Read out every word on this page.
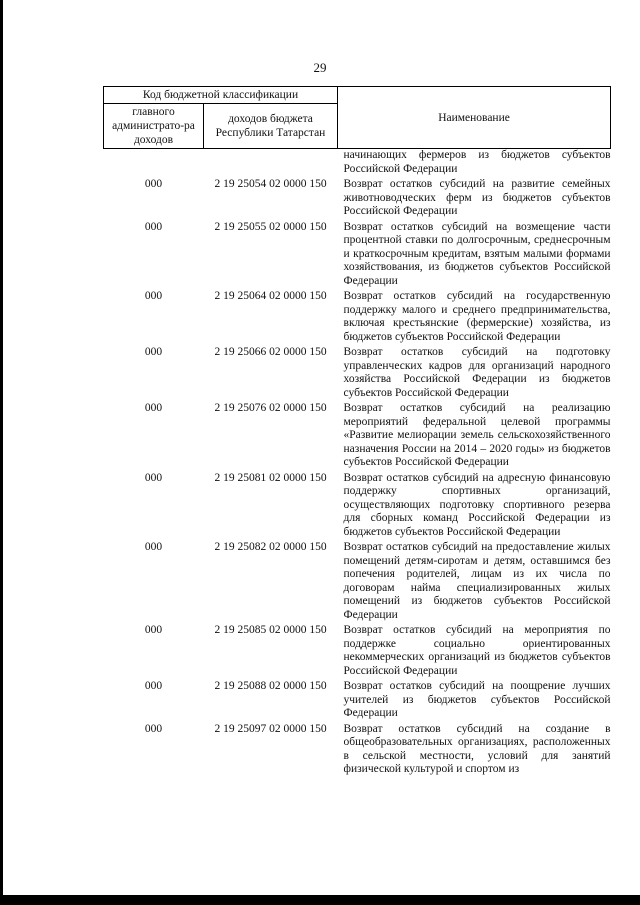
29
Код бюджетной классификации		Наименование
главного администрато-ра доходов	доходов бюджета Республики Татарстан	
		начинающих фермеров из бюджетов субъектов Российской Федерации
000	2 19 25054 02 0000 150	Возврат остатков субсидий на развитие семейных животноводческих ферм из бюджетов субъектов Российской Федерации
000	2 19 25055 02 0000 150	Возврат остатков субсидий на возмещение части процентной ставки по долгосрочным, среднесрочным и краткосрочным кредитам, взятым малыми формами хозяйствования, из бюджетов субъектов Российской Федерации
000	2 19 25064 02 0000 150	Возврат остатков субсидий на государственную поддержку малого и среднего предпринимательства, включая крестьянские (фермерские) хозяйства, из бюджетов субъектов Российской Федерации
000	2 19 25066 02 0000 150	Возврат остатков субсидий на подготовку управленческих кадров для организаций народного хозяйства Российской Федерации из бюджетов субъектов Российской Федерации
000	2 19 25076 02 0000 150	Возврат остатков субсидий на реализацию мероприятий федеральной целевой программы «Развитие мелиорации земель сельскохозяйственного назначения России на 2014 – 2020 годы» из бюджетов субъектов Российской Федерации
000	2 19 25081 02 0000 150	Возврат остатков субсидий на адресную финансовую поддержку спортивных организаций, осуществляющих подготовку спортивного резерва для сборных команд Российской Федерации из бюджетов субъектов Российской Федерации
000	2 19 25082 02 0000 150	Возврат остатков субсидий на предоставление жилых помещений детям-сиротам и детям, оставшимся без попечения родителей, лицам из их числа по договорам найма специализированных жилых помещений из бюджетов субъектов Российской Федерации
000	2 19 25085 02 0000 150	Возврат остатков субсидий на мероприятия по поддержке социально ориентированных некоммерческих организаций из бюджетов субъектов Российской Федерации
000	2 19 25088 02 0000 150	Возврат остатков субсидий на поощрение лучших учителей из бюджетов субъектов Российской Федерации
000	2 19 25097 02 0000 150	Возврат остатков субсидий на создание в общеобразовательных организациях, расположенных в сельской местности, условий для занятий физической культурой и спортом из
